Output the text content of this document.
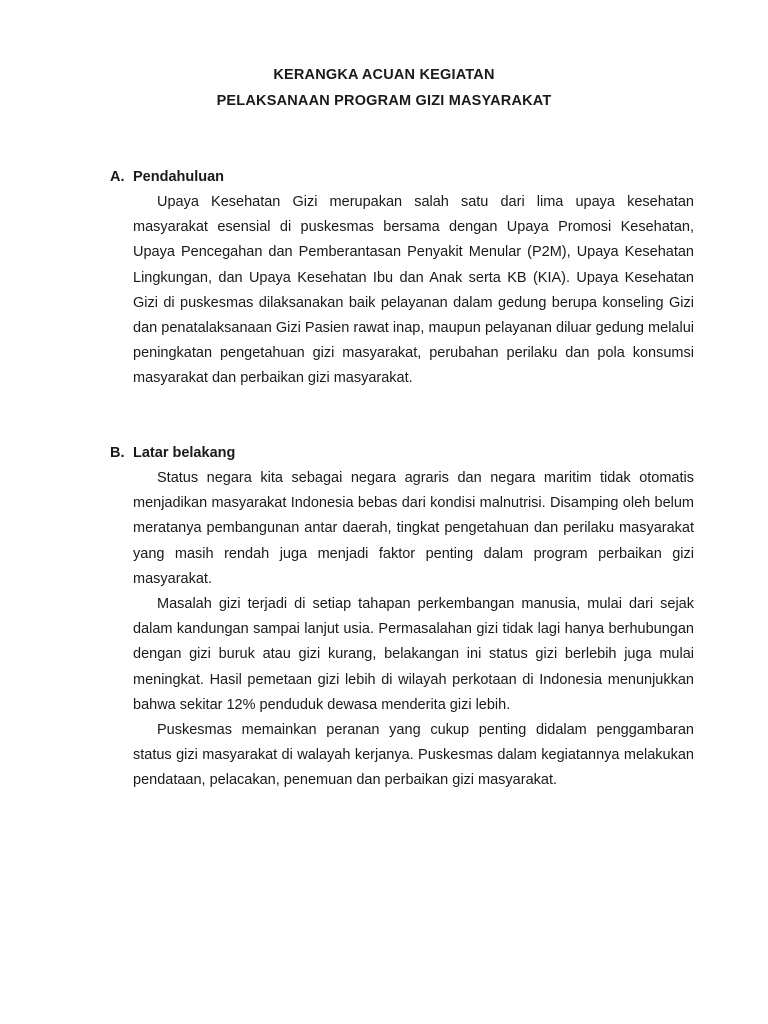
KERANGKA ACUAN KEGIATAN
PELAKSANAAN PROGRAM GIZI MASYARAKAT
A. Pendahuluan

Upaya Kesehatan Gizi merupakan salah satu dari lima upaya kesehatan masyarakat esensial di puskesmas bersama dengan Upaya Promosi Kesehatan, Upaya Pencegahan dan Pemberantasan Penyakit Menular (P2M), Upaya Kesehatan Lingkungan, dan Upaya Kesehatan Ibu dan Anak serta KB (KIA). Upaya Kesehatan Gizi di puskesmas dilaksanakan baik pelayanan dalam gedung berupa konseling Gizi dan penatalaksanaan Gizi Pasien rawat inap, maupun pelayanan diluar gedung melalui peningkatan pengetahuan gizi masyarakat, perubahan perilaku dan pola konsumsi masyarakat dan perbaikan gizi masyarakat.

B. Latar belakang

Status negara kita sebagai negara agraris dan negara maritim tidak otomatis menjadikan masyarakat Indonesia bebas dari kondisi malnutrisi. Disamping oleh belum meratanya pembangunan antar daerah, tingkat pengetahuan dan perilaku masyarakat yang masih rendah juga menjadi faktor penting dalam program perbaikan gizi masyarakat.

Masalah gizi terjadi di setiap tahapan perkembangan manusia, mulai dari sejak dalam kandungan sampai lanjut usia. Permasalahan gizi tidak lagi hanya berhubungan dengan gizi buruk atau gizi kurang, belakangan ini status gizi berlebih juga mulai meningkat. Hasil pemetaan gizi lebih di wilayah perkotaan di Indonesia menunjukkan bahwa sekitar 12% penduduk dewasa menderita gizi lebih.

Puskesmas memainkan peranan yang cukup penting didalam penggambaran status gizi masyarakat di walayah kerjanya. Puskesmas dalam kegiatannya melakukan pendataan, pelacakan, penemuan dan perbaikan gizi masyarakat.
